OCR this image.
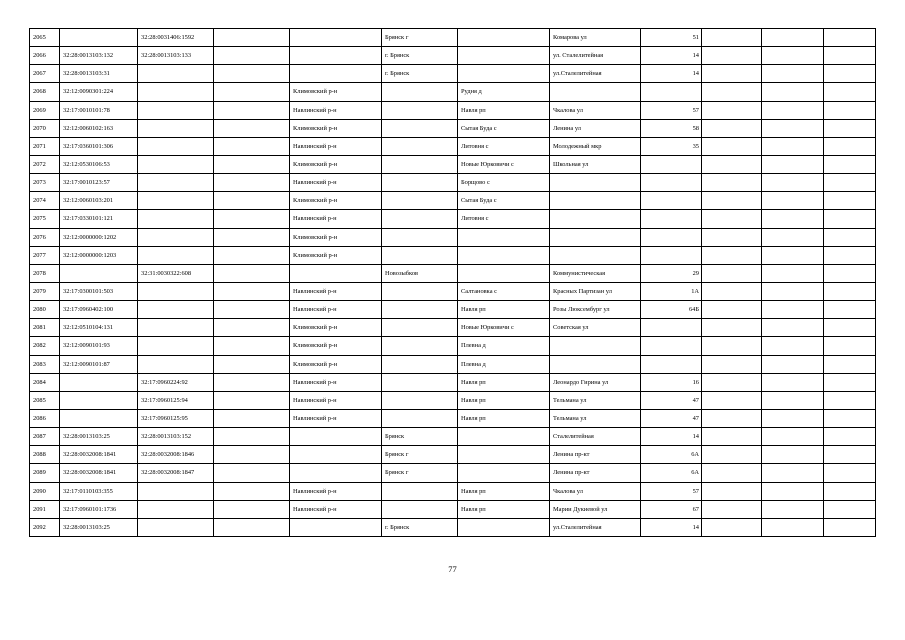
2065		32:28:0031406:1592			Брянск г		Комарова ул	51			
2066	32:28:0013103:132	32:28:0013103:133			г. Брянск		ул. Сталелитейная	14			
2067	32:28:0013103:31				г. Брянск		ул.Сталелитейная	14			
2068	32:12:0090301:224			Климовский р-н		Рудня д					
2069	32:17:0010101:78			Навлинский р-н		Навля рп	Чкалова ул	57			
2070	32:12:0060102:163			Климовский р-н		Сытая Буда с	Ленина ул	58			
2071	32:17:0360101:306			Навлинский р-н		Литовня с	Молодежный мкр	35			
2072	32:12:0530106:53			Климовский р-н		Новые Юрковичи с	Школьная ул				
2073	32:17:0010123:57			Навлинский р-н		Борщово с					
2074	32:12:0060103:201			Климовский р-н		Сытая Буда с					
2075	32:17:0330101:121			Навлинский р-н		Литовня с					
2076	32:12:0000000:1202			Климовский р-н							
2077	32:12:0000000:1203			Климовский р-н							
2078		32:31:0030322:608			Новозыбков		Коммунистическая	29			
2079	32:17:0300101:503			Навлинский р-н		Салтановка с	Красных Партизан ул	1А			
2080	32:17:0960402:100			Навлинский р-н		Навля рп	Розы Люксембург ул	64Б			
2081	32:12:0510104:131			Климовский р-н		Новые Юрковичи с	Советская ул				
2082	32:12:0090101:93			Климовский р-н		Плевна д					
2083	32:12:0090101:87			Климовский р-н		Плевна д					
2084		32:17:0960224:92		Навлинский р-н		Навля рп	Леонардо Гирина ул	16			
2085		32:17:0960125:94		Навлинский р-н		Навля рп	Тельмана ул	47			
2086		32:17:0960125:95		Навлинский р-н		Навля рп	Тельмана ул	47			
2087	32:28:0013103:25	32:28:0013103:152			Брянск		Сталелитейная	14			
2088	32:28:0032008:1841	32:28:0032008:1846			Брянск г		Ленина пр-кт	6А			
2089	32:28:0032008:1841	32:28:0032008:1847			Брянск г		Ленина пр-кт	6А			
2090	32:17:0110103:355			Навлинский р-н		Навля рп	Чкалова ул	57			
2091	32:17:0960101:1736			Навлинский р-н		Навля рп	Марии Дукиевой ул	67			
2092	32:28:0013103:25				г. Брянск		ул.Сталелитейная	14			
77
